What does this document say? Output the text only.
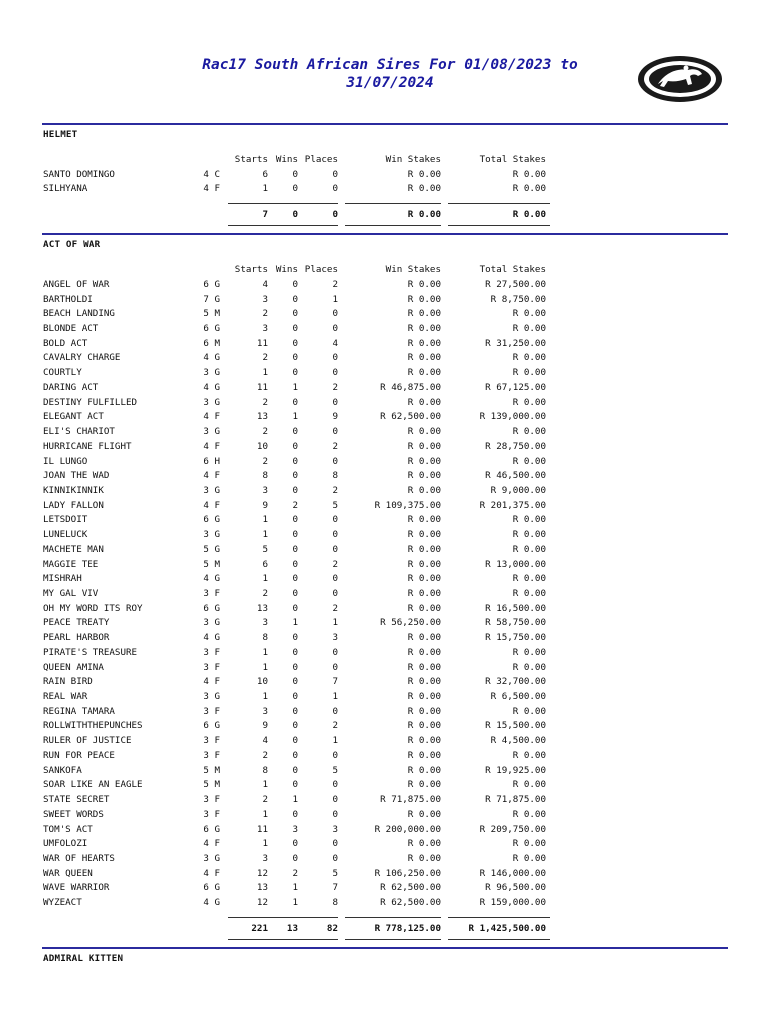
Rac17 South African Sires For 01/08/2023 to
31/07/2024
HELMET
Starts Wins Places	Win Stakes	Total Stakes
SANTO DOMINGO	4 C	6	0	0	R 0.00	R 0.00
SILHYANA	4 F	1	0	0	R 0.00	R 0.00
7	0	0	R 0.00	R 0.00
ACT OF WAR
Starts Wins Places	Win Stakes	Total Stakes
ANGEL OF WAR	6 G	4	0	2	R 0.00	R 27,500.00
BARTHOLDI	7 G	3	0	1	R 0.00	R 8,750.00
BEACH LANDING	5 M	2	0	0	R 0.00	R 0.00
BLONDE ACT	6 G	3	0	0	R 0.00	R 0.00
BOLD ACT	6 M	11	0	4	R 0.00	R 31,250.00
CAVALRY CHARGE	4 G	2	0	0	R 0.00	R 0.00
COURTLY	3 G	1	0	0	R 0.00	R 0.00
DARING ACT	4 G	11	1	2	R 46,875.00	R 67,125.00
DESTINY FULFILLED	3 G	2	0	0	R 0.00	R 0.00
ELEGANT ACT	4 F	13	1	9	R 62,500.00	R 139,000.00
ELI'S CHARIOT	3 G	2	0	0	R 0.00	R 0.00
HURRICANE FLIGHT	4 F	10	0	2	R 0.00	R 28,750.00
IL LUNGO	6 H	2	0	0	R 0.00	R 0.00
JOAN THE WAD	4 F	8	0	8	R 0.00	R 46,500.00
KINNIKINNIK	3 G	3	0	2	R 0.00	R 9,000.00
LADY FALLON	4 F	9	2	5	R 109,375.00	R 201,375.00
LETSDOIT	6 G	1	0	0	R 0.00	R 0.00
LUNELUCK	3 G	1	0	0	R 0.00	R 0.00
MACHETE MAN	5 G	5	0	0	R 0.00	R 0.00
MAGGIE TEE	5 M	6	0	2	R 0.00	R 13,000.00
MISHRAH	4 G	1	0	0	R 0.00	R 0.00
MY GAL VIV	3 F	2	0	0	R 0.00	R 0.00
OH MY WORD ITS ROY	6 G	13	0	2	R 0.00	R 16,500.00
PEACE TREATY	3 G	3	1	1	R 56,250.00	R 58,750.00
PEARL HARBOR	4 G	8	0	3	R 0.00	R 15,750.00
PIRATE'S TREASURE	3 F	1	0	0	R 0.00	R 0.00
QUEEN AMINA	3 F	1	0	0	R 0.00	R 0.00
RAIN BIRD	4 F	10	0	7	R 0.00	R 32,700.00
REAL WAR	3 G	1	0	1	R 0.00	R 6,500.00
REGINA TAMARA	3 F	3	0	0	R 0.00	R 0.00
ROLLWITHTHEPUNCHES	6 G	9	0	2	R 0.00	R 15,500.00
RULER OF JUSTICE	3 F	4	0	1	R 0.00	R 4,500.00
RUN FOR PEACE	3 F	2	0	0	R 0.00	R 0.00
SANKOFA	5 M	8	0	5	R 0.00	R 19,925.00
SOAR LIKE AN EAGLE	5 M	1	0	0	R 0.00	R 0.00
STATE SECRET	3 F	2	1	0	R 71,875.00	R 71,875.00
SWEET WORDS	3 F	1	0	0	R 0.00	R 0.00
TOM'S ACT	6 G	11	3	3	R 200,000.00	R 209,750.00
UMFOLOZI	4 F	1	0	0	R 0.00	R 0.00
WAR OF HEARTS	3 G	3	0	0	R 0.00	R 0.00
WAR QUEEN	4 F	12	2	5	R 106,250.00	R 146,000.00
WAVE WARRIOR	6 G	13	1	7	R 62,500.00	R 96,500.00
WYZEACT	4 G	12	1	8	R 62,500.00	R 159,000.00
221	13	82	R 778,125.00	R 1,425,500.00
ADMIRAL KITTEN
